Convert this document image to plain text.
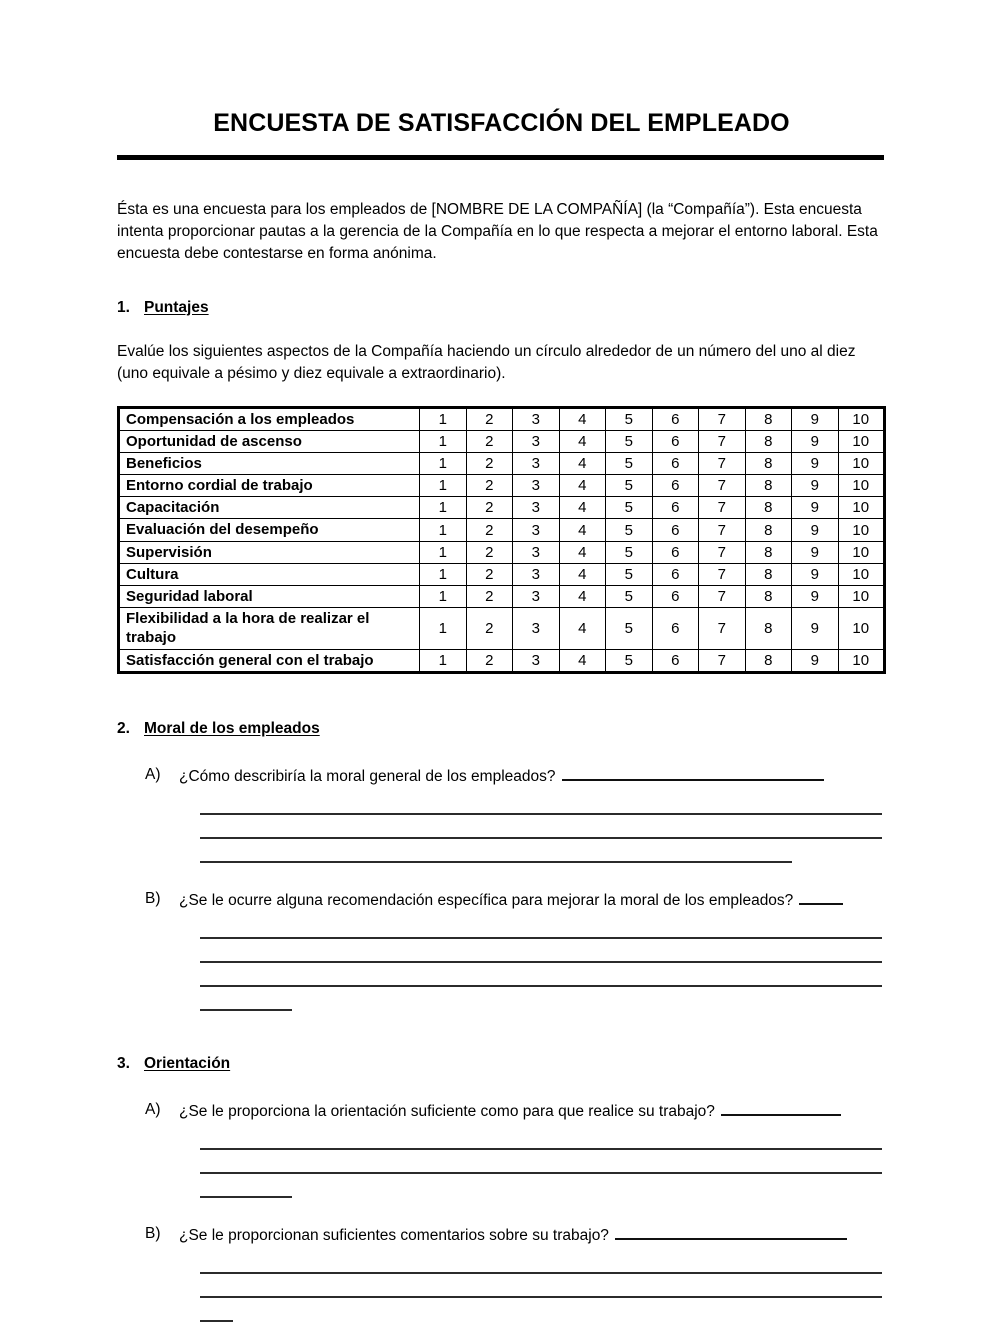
ENCUESTA DE SATISFACCIÓN DEL EMPLEADO

Ésta es una encuesta para los empleados de [NOMBRE DE LA COMPAÑÍA] (la “Compañía”). Esta encuesta intenta proporcionar pautas a la gerencia de la Compañía en lo que respecta a mejorar el entorno laboral. Esta encuesta debe contestarse en forma anónima.

1. Puntajes

Evalúe los siguientes aspectos de la Compañía haciendo un círculo alrededor de un número del uno al diez (uno equivale a pésimo y diez equivale a extraordinario).

Compensación a los empleados	1	2	3	4	5	6	7	8	9	10
Oportunidad de ascenso	1	2	3	4	5	6	7	8	9	10
Beneficios	1	2	3	4	5	6	7	8	9	10
Entorno cordial de trabajo	1	2	3	4	5	6	7	8	9	10
Capacitación	1	2	3	4	5	6	7	8	9	10
Evaluación del desempeño	1	2	3	4	5	6	7	8	9	10
Supervisión	1	2	3	4	5	6	7	8	9	10
Cultura	1	2	3	4	5	6	7	8	9	10
Seguridad laboral	1	2	3	4	5	6	7	8	9	10
Flexibilidad a la hora de realizar el trabajo	1	2	3	4	5	6	7	8	9	10
Satisfacción general con el trabajo	1	2	3	4	5	6	7	8	9	10
2. Moral de los empleados
A) ¿Cómo describiría la moral general de los empleados?
B) ¿Se le ocurre alguna recomendación específica para mejorar la moral de los empleados?
3. Orientación
A) ¿Se le proporciona la orientación suficiente como para que realice su trabajo?
B) ¿Se le proporcionan suficientes comentarios sobre su trabajo?
